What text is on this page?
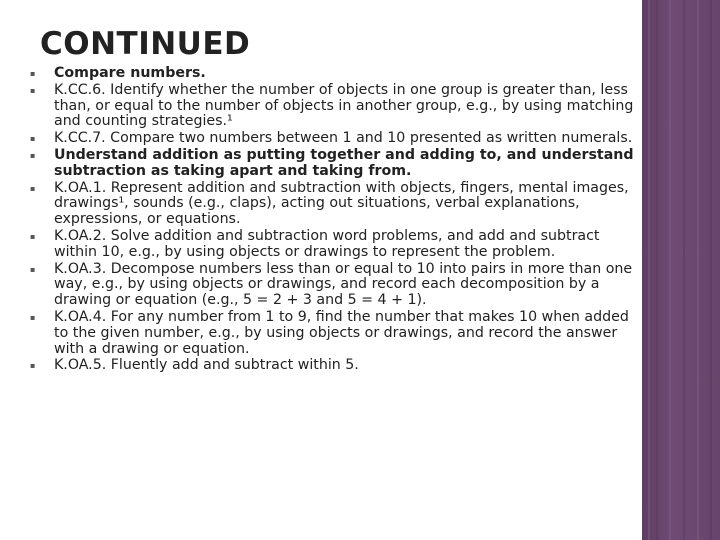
CONTINUED
▪ Compare numbers.
▪ K.CC.6. Identify whether the number of objects in one group is greater than, less than, or equal to the number of objects in another group, e.g., by using matching and counting strategies.¹
▪ K.CC.7. Compare two numbers between 1 and 10 presented as written numerals.
▪ Understand addition as putting together and adding to, and understand subtraction as taking apart and taking from.
▪ K.OA.1. Represent addition and subtraction with objects, fingers, mental images, drawings¹, sounds (e.g., claps), acting out situations, verbal explanations, expressions, or equations.
▪ K.OA.2. Solve addition and subtraction word problems, and add and subtract within 10, e.g., by using objects or drawings to represent the problem.
▪ K.OA.3. Decompose numbers less than or equal to 10 into pairs in more than one way, e.g., by using objects or drawings, and record each decomposition by a drawing or equation (e.g., 5 = 2 + 3 and 5 = 4 + 1).
▪ K.OA.4. For any number from 1 to 9, find the number that makes 10 when added to the given number, e.g., by using objects or drawings, and record the answer with a drawing or equation.
▪ K.OA.5. Fluently add and subtract within 5.
